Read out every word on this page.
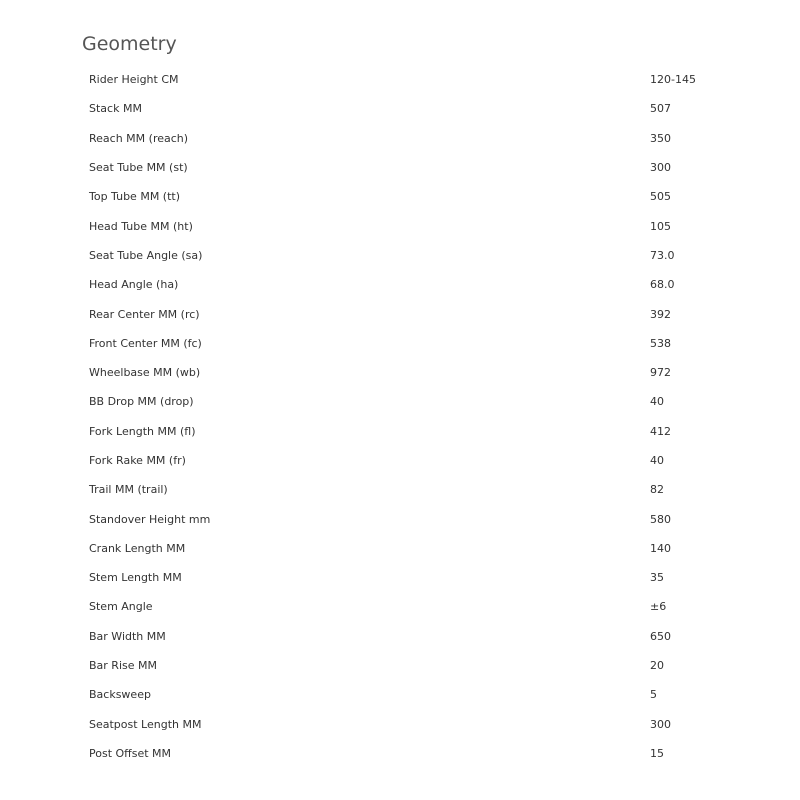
Geometry
Rider Height CM	120-145
Stack MM	507
Reach MM (reach)	350
Seat Tube MM (st)	300
Top Tube MM (tt)	505
Head Tube MM (ht)	105
Seat Tube Angle (sa)	73.0
Head Angle (ha)	68.0
Rear Center MM (rc)	392
Front Center MM (fc)	538
Wheelbase MM (wb)	972
BB Drop MM (drop)	40
Fork Length MM (fl)	412
Fork Rake MM (fr)	40
Trail MM (trail)	82
Standover Height mm	580
Crank Length MM	140
Stem Length MM	35
Stem Angle	±6
Bar Width MM	650
Bar Rise MM	20
Backsweep	5
Seatpost Length MM	300
Post Offset MM	15
